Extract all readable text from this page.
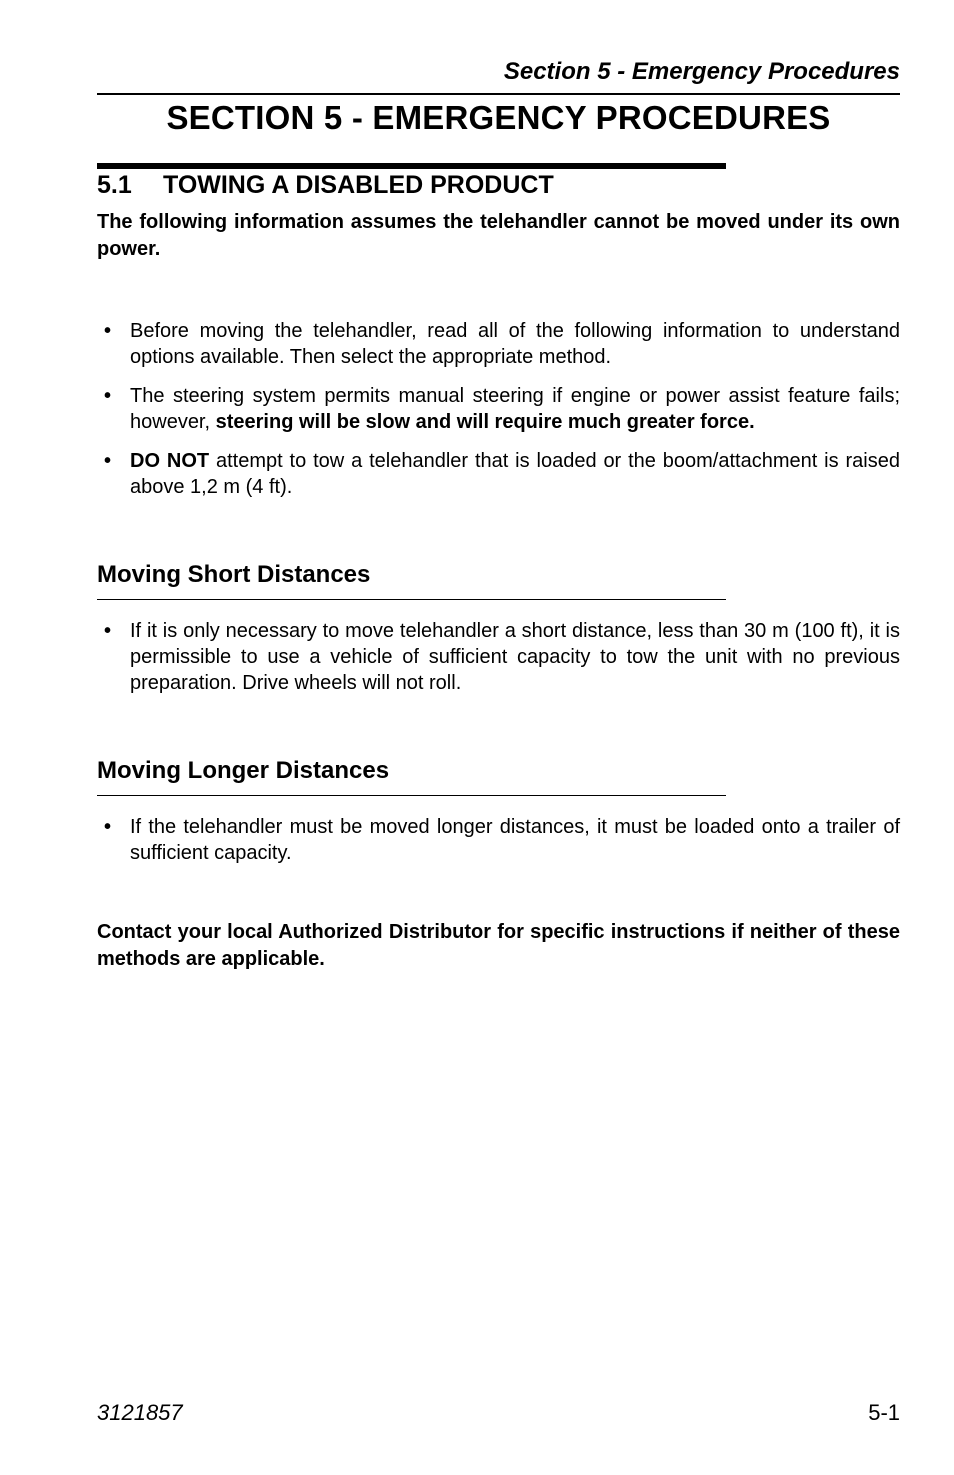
Section 5 - Emergency Procedures
SECTION 5 - EMERGENCY PROCEDURES
5.1 TOWING A DISABLED PRODUCT
The following information assumes the telehandler cannot be moved under its own power.
• Before moving the telehandler, read all of the following information to understand options available. Then select the appropriate method.
• The steering system permits manual steering if engine or power assist feature fails; however, steering will be slow and will require much greater force.
• DO NOT attempt to tow a telehandler that is loaded or the boom/attachment is raised above 1,2 m (4 ft).
Moving Short Distances
• If it is only necessary to move telehandler a short distance, less than 30 m (100 ft), it is permissible to use a vehicle of sufficient capacity to tow the unit with no previous preparation. Drive wheels will not roll.
Moving Longer Distances
• If the telehandler must be moved longer distances, it must be loaded onto a trailer of sufficient capacity.
Contact your local Authorized Distributor for specific instructions if neither of these methods are applicable.
3121857	5-1
